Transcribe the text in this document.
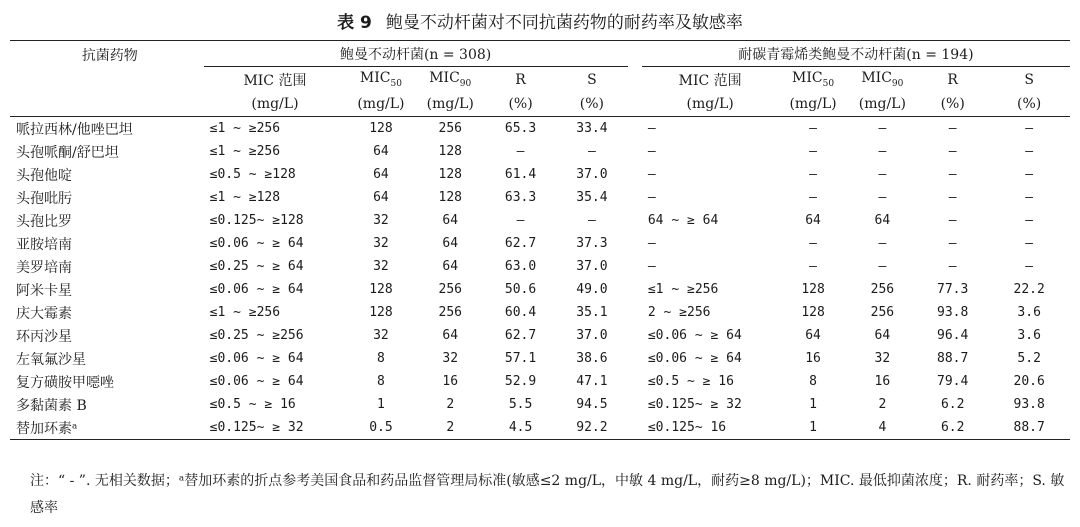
表 9 鲍曼不动杆菌对不同抗菌药物的耐药率及敏感率
抗菌药物	鲍曼不动杆菌(n = 308)						耐碳青霉烯类鲍曼不动杆菌(n = 194)				
	MIC 范围	$MIC_{50}$	$MIC_{90}$	R	S		MIC 范围	$MIC_{50}$	$MIC_{90}$	R	S
	(mg/L)	(mg/L)	(mg/L)	(%)	(%)		(mg/L)	(mg/L)	(mg/L)	(%)	(%)
哌拉西林/他唑巴坦	≤1 ~ ≥256	128	256	65.3	33.4		–	–	–	–	–
头孢哌酮/舒巴坦	≤1 ~ ≥256	64	128	–	–		–	–	–	–	–
头孢他啶	≤0.5 ~ ≥128	64	128	61.4	37.0		–	–	–	–	–
头孢吡肟	≤1 ~ ≥128	64	128	63.3	35.4		–	–	–	–	–
头孢比罗	≤0.125~ ≥128	32	64	–	–		64 ~ ≥ 64	64	64	–	–
亚胺培南	≤0.06 ~ ≥ 64	32	64	62.7	37.3		–	–	–	–	–
美罗培南	≤0.25 ~ ≥ 64	32	64	63.0	37.0		–	–	–	–	–
阿米卡星	≤0.06 ~ ≥ 64	128	256	50.6	49.0		≤1 ~ ≥256	128	256	77.3	22.2
庆大霉素	≤1 ~ ≥256	128	256	60.4	35.1		2 ~ ≥256	128	256	93.8	3.6
环丙沙星	≤0.25 ~ ≥256	32	64	62.7	37.0		≤0.06 ~ ≥ 64	64	64	96.4	3.6
左氧氟沙星	≤0.06 ~ ≥ 64	8	32	57.1	38.6		≤0.06 ~ ≥ 64	16	32	88.7	5.2
复方磺胺甲噁唑	≤0.06 ~ ≥ 64	8	16	52.9	47.1		≤0.5 ~ ≥ 16	8	16	79.4	20.6
多黏菌素 B	≤0.5 ~ ≥ 16	1	2	5.5	94.5		≤0.125~ ≥ 32	1	2	6.2	93.8
替加环素ᵃ	≤0.125~ ≥ 32	0.5	2	4.5	92.2		≤0.125~ 16	1	4	6.2	88.7
注：“ - ”. 无相关数据；ᵃ替加环素的折点参考美国食品和药品监督管理局标准(敏感≤2 mg/L，中敏 4 mg/L，耐药≥8 mg/L)；MIC. 最低抑菌浓度；R. 耐药率；S. 敏感率
